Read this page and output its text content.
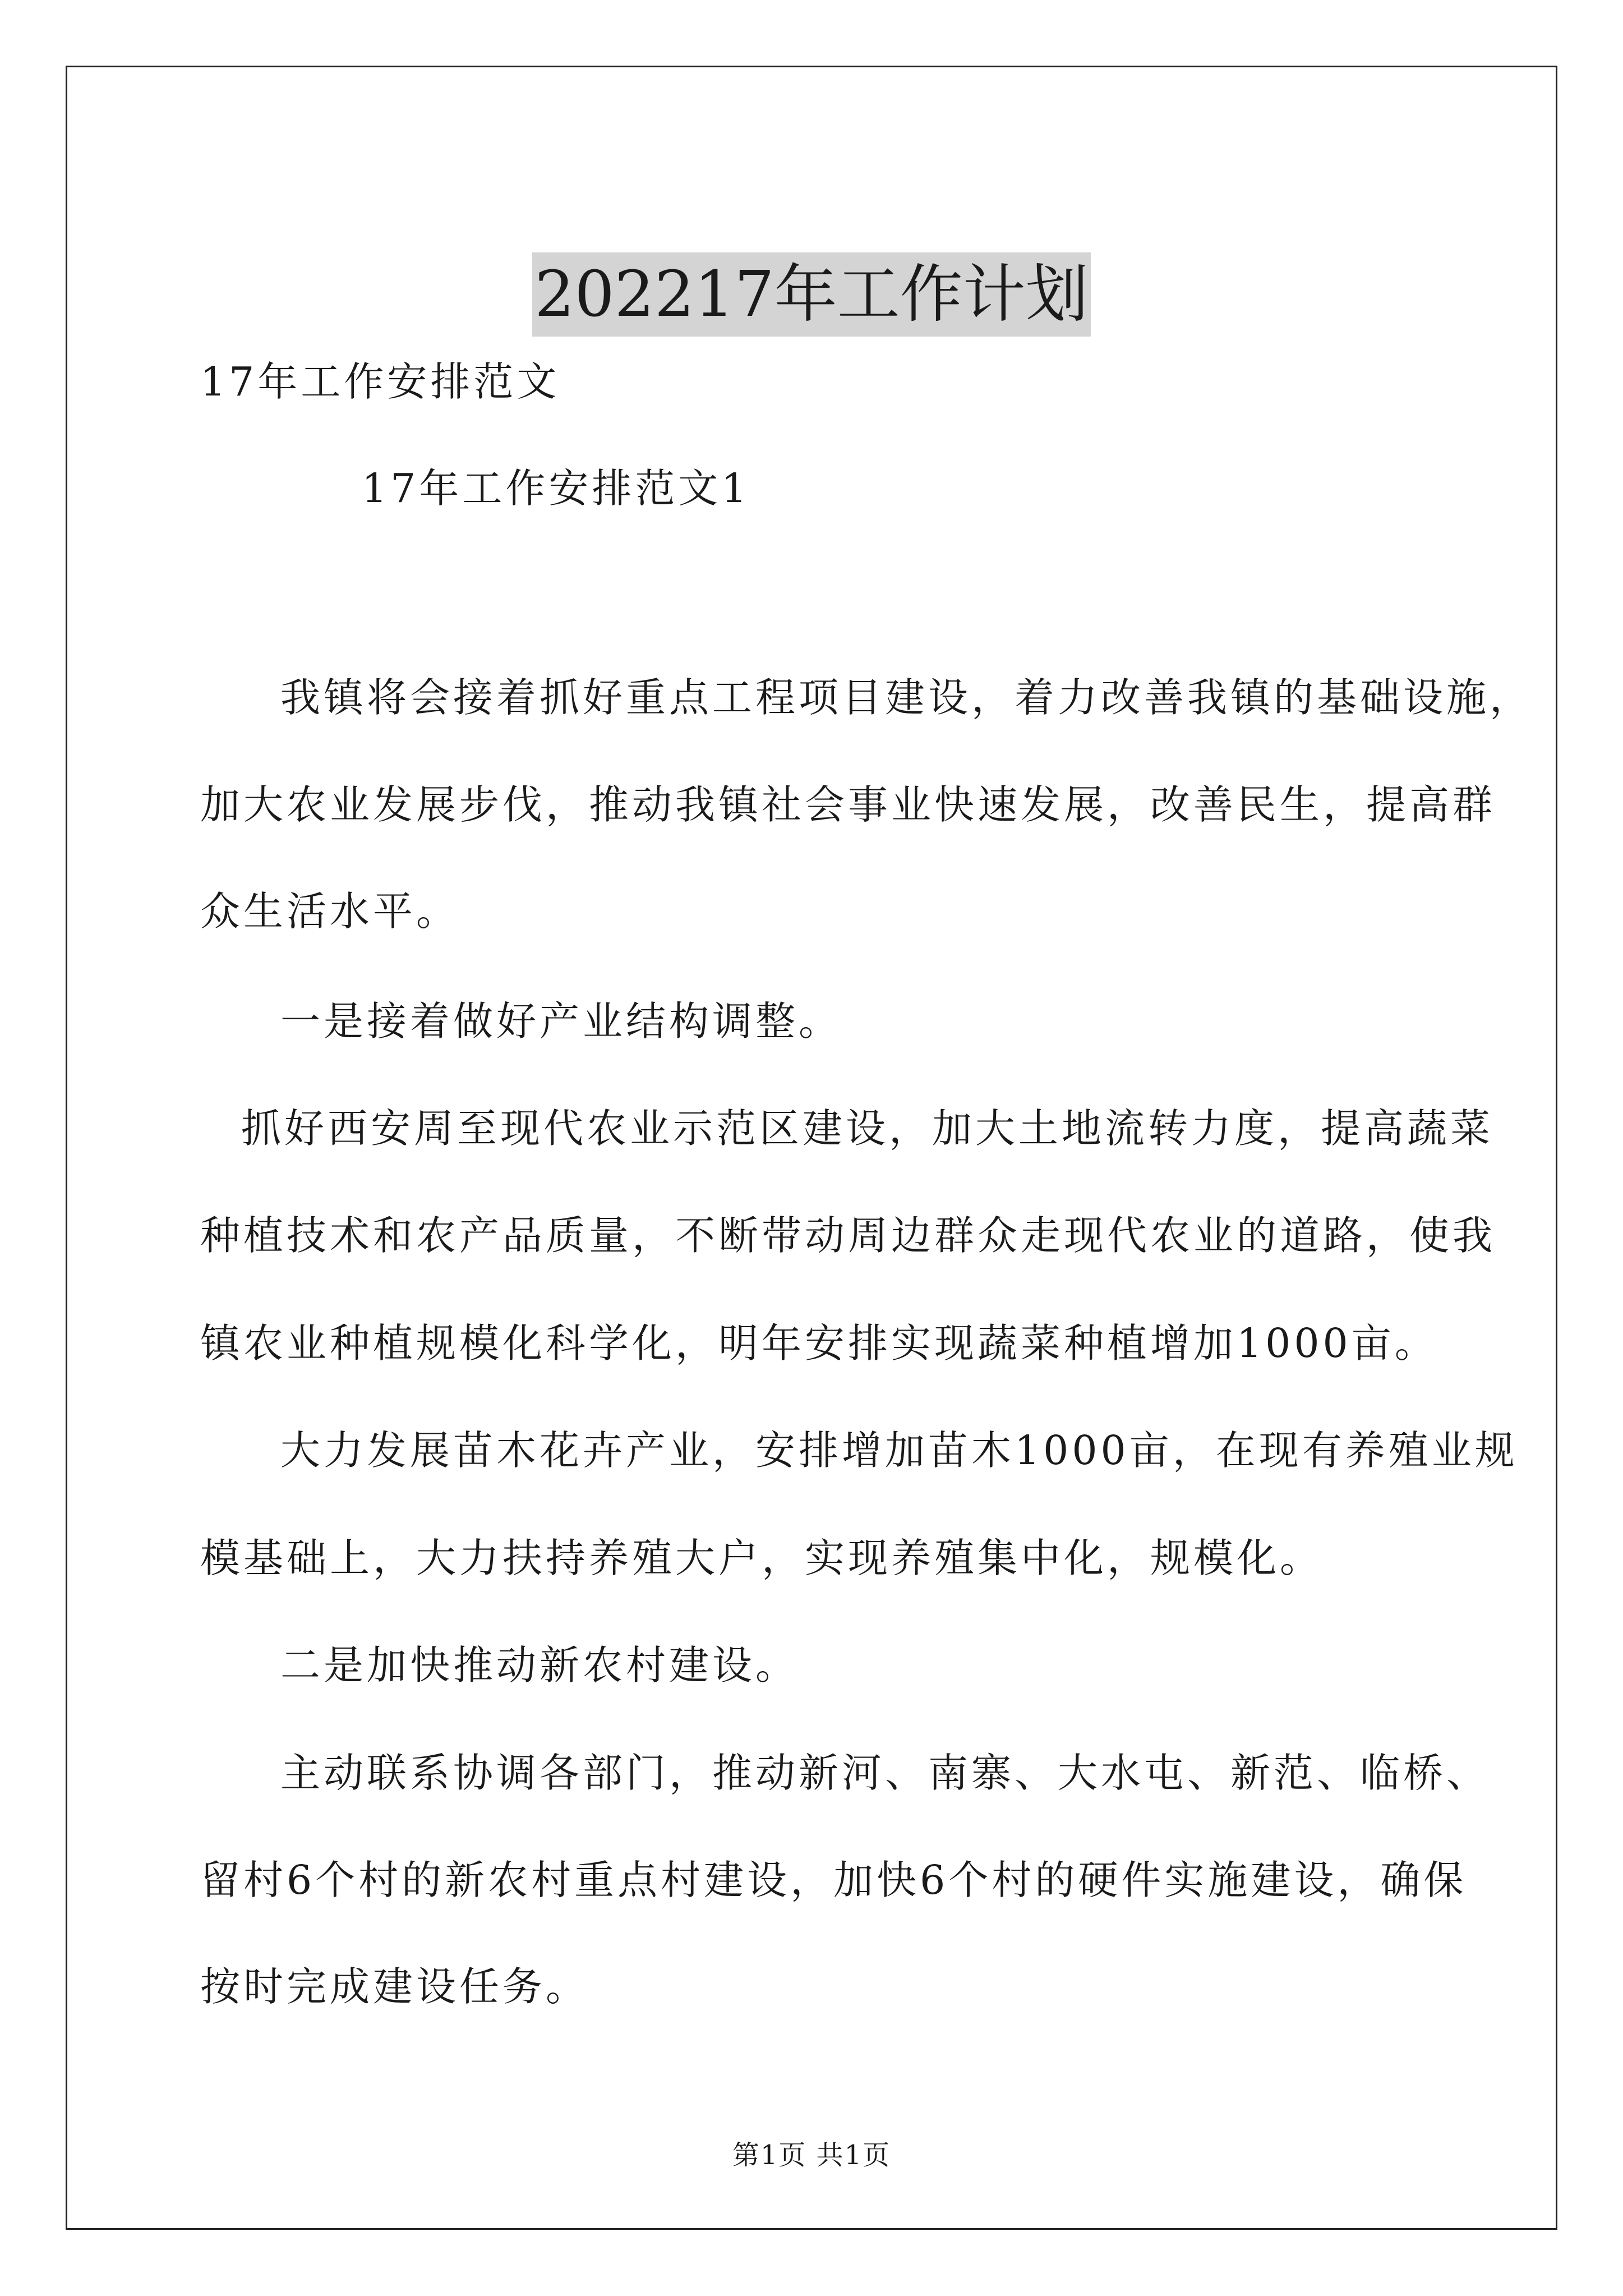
202217年工作计划
17年工作安排范文
17年工作安排范文1
我镇将会接着抓好重点工程项目建设，着力改善我镇的基础设施，
加大农业发展步伐，推动我镇社会事业快速发展，改善民生，提高群
众生活水平。
一是接着做好产业结构调整。
抓好西安周至现代农业示范区建设，加大土地流转力度，提高蔬菜
种植技术和农产品质量，不断带动周边群众走现代农业的道路，使我
镇农业种植规模化科学化，明年安排实现蔬菜种植增加1000亩。
大力发展苗木花卉产业，安排增加苗木1000亩，在现有养殖业规
模基础上，大力扶持养殖大户，实现养殖集中化，规模化。
二是加快推动新农村建设。
主动联系协调各部门，推动新河、南寨、大水屯、新范、临桥、
留村6个村的新农村重点村建设，加快6个村的硬件实施建设，确保
按时完成建设任务。
第1页 共1页
